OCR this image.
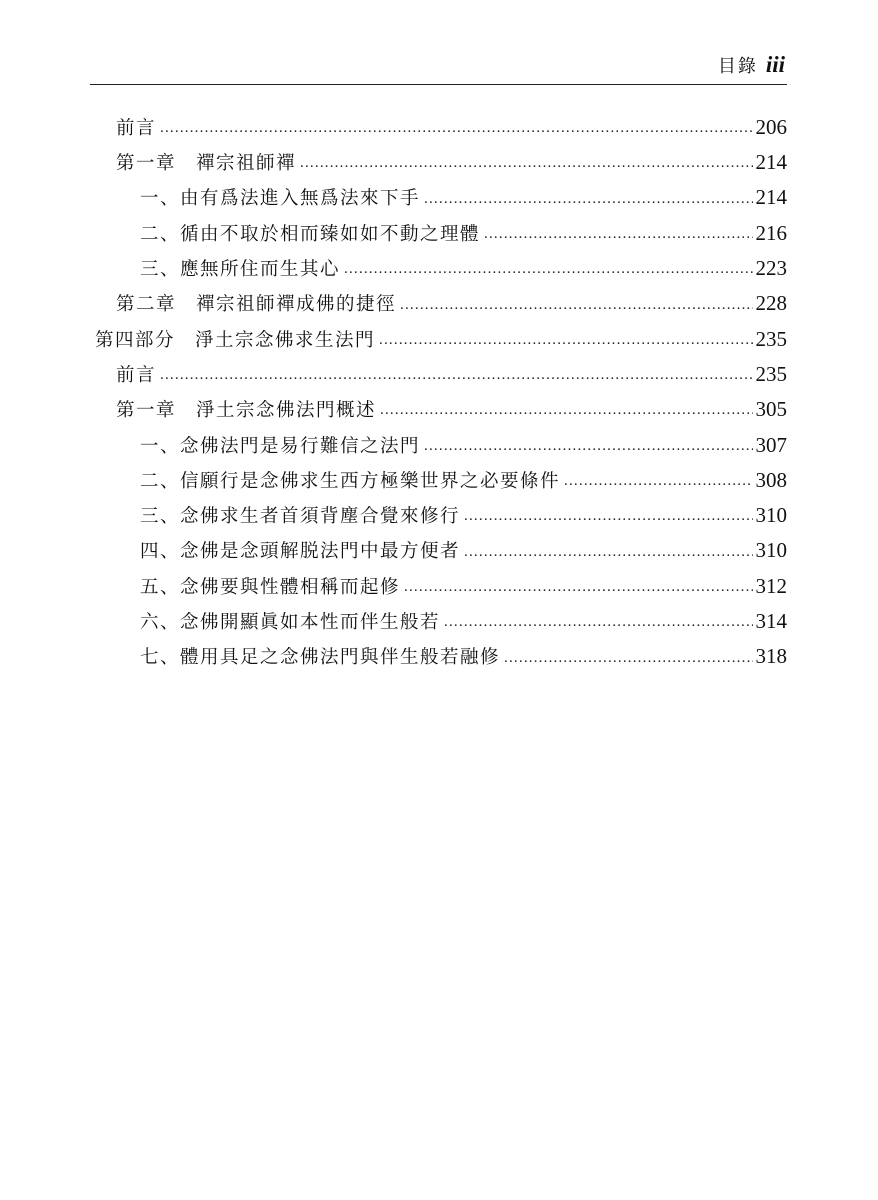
目錄 iii
前言 .....	206
第一章　禪宗祖師禪 .....	214
一、由有爲法進入無爲法來下手 .....	214
二、循由不取於相而臻如如不動之理體 .....	216
三、應無所住而生其心 .....	223
第二章　禪宗祖師禪成佛的捷徑 .....	228
第四部分　淨土宗念佛求生法門 .....	235
前言 .....	235
第一章　淨土宗念佛法門概述 .....	305
一、念佛法門是易行難信之法門 .....	307
二、信願行是念佛求生西方極樂世界之必要條件 .....	308
三、念佛求生者首須背塵合覺來修行 .....	310
四、念佛是念頭解脱法門中最方便者 .....	310
五、念佛要與性體相稱而起修 .....	312
六、念佛開顯眞如本性而伴生般若 .....	314
七、體用具足之念佛法門與伴生般若融修 .....	318
